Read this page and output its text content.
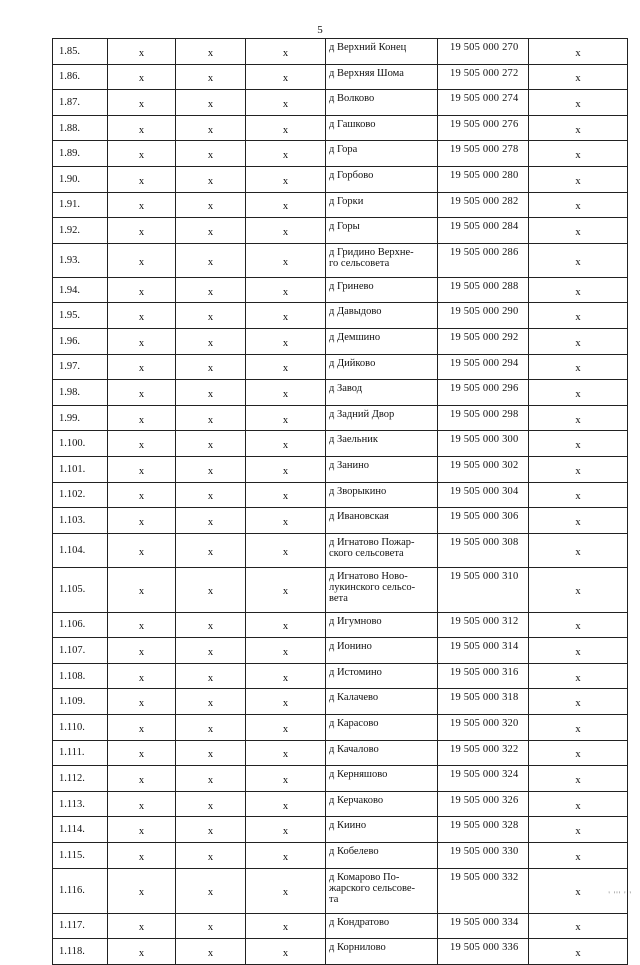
5
1.85.	x	x	x	д Верхний Конец	19 505 000 270	x
1.86.	x	x	x	д Верхняя Шома	19 505 000 272	x
1.87.	x	x	x	д Волково	19 505 000 274	x
1.88.	x	x	x	д Гашково	19 505 000 276	x
1.89.	x	x	x	д Гора	19 505 000 278	x
1.90.	x	x	x	д Горбово	19 505 000 280	x
1.91.	x	x	x	д Горки	19 505 000 282	x
1.92.	x	x	x	д Горы	19 505 000 284	x
1.93.	x	x	x	д Гридино Верхне-
го сельсовета	19 505 000 286	x
1.94.	x	x	x	д Гринево	19 505 000 288	x
1.95.	x	x	x	д Давыдово	19 505 000 290	x
1.96.	x	x	x	д Демшино	19 505 000 292	x
1.97.	x	x	x	д Дийково	19 505 000 294	x
1.98.	x	x	x	д Завод	19 505 000 296	x
1.99.	x	x	x	д Задний Двор	19 505 000 298	x
1.100.	x	x	x	д Заельник	19 505 000 300	x
1.101.	x	x	x	д Занино	19 505 000 302	x
1.102.	x	x	x	д Зворыкино	19 505 000 304	x
1.103.	x	x	x	д Ивановская	19 505 000 306	x
1.104.	x	x	x	д Игнатово Пожар-
ского сельсовета	19 505 000 308	x
1.105.	x	x	x	д Игнатово Ново-
лукинского сельсо-
вета	19 505 000 310	x
1.106.	x	x	x	д Игумново	19 505 000 312	x
1.107.	x	x	x	д Ионино	19 505 000 314	x
1.108.	x	x	x	д Истомино	19 505 000 316	x
1.109.	x	x	x	д Калачево	19 505 000 318	x
1.110.	x	x	x	д Карасово	19 505 000 320	x
1.111.	x	x	x	д Качалово	19 505 000 322	x
1.112.	x	x	x	д Керняшово	19 505 000 324	x
1.113.	x	x	x	д Керчаково	19 505 000 326	x
1.114.	x	x	x	д Киино	19 505 000 328	x
1.115.	x	x	x	д Кобелево	19 505 000 330	x
1.116.	x	x	x	д Комарово По-
жарского сельсове-
та	19 505 000 332	x
1.117.	x	x	x	д Кондратово	19 505 000 334	x
1.118.	x	x	x	д Корнилово	19 505 000 336	x
' ''' ' '
